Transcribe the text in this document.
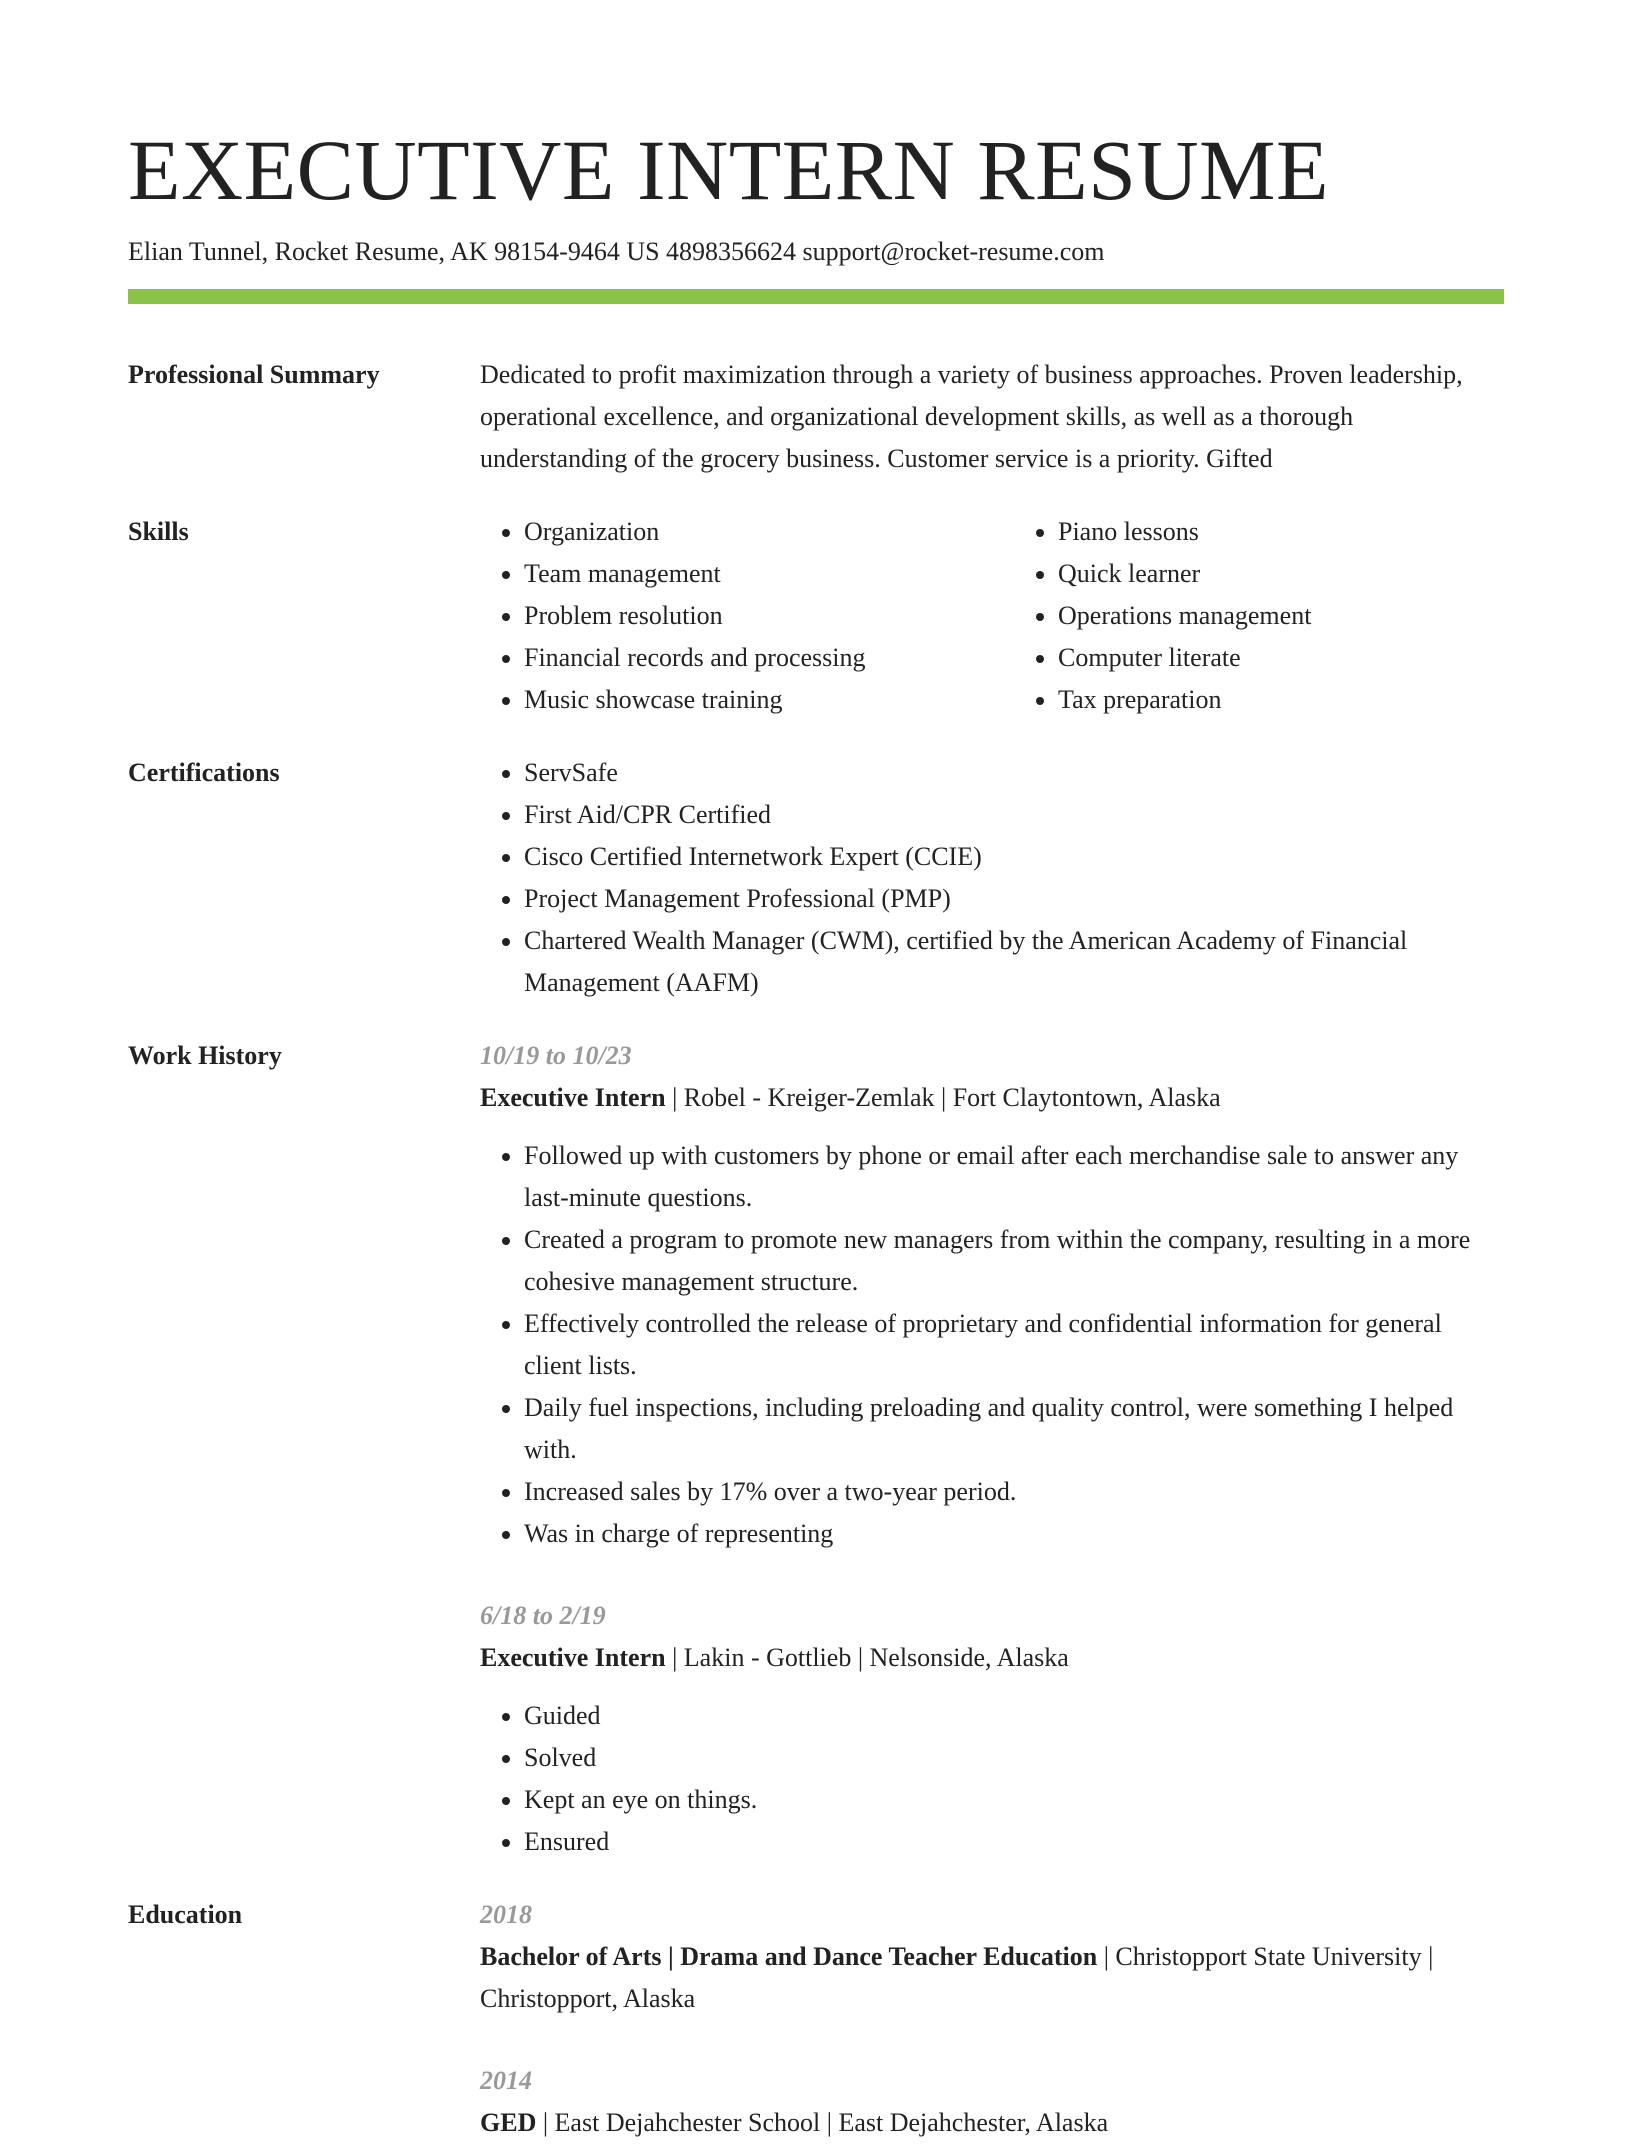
EXECUTIVE INTERN RESUME
Elian Tunnel, Rocket Resume, AK 98154-9464 US 4898356624 support@rocket-resume.com
Professional Summary	Dedicated to profit maximization through a variety of business approaches. Proven leadership, operational excellence, and organizational development skills, as well as a thorough understanding of the grocery business. Customer service is a priority. Gifted

Skills	• Organization
• Team management
• Problem resolution
• Financial records and processing
• Music showcase training
• Piano lessons
• Quick learner
• Operations management
• Computer literate
• Tax preparation
Certifications	• ServSafe
• First Aid/CPR Certified
• Cisco Certified Internetwork Expert (CCIE)
• Project Management Professional (PMP)
• Chartered Wealth Manager (CWM), certified by the American Academy of Financial Management (AAFM)
Work History	10/19 to 10/23
Executive Intern | Robel - Kreiger-Zemlak | Fort Claytontown, Alaska
• Followed up with customers by phone or email after each merchandise sale to answer any last-minute questions.
• Created a program to promote new managers from within the company, resulting in a more cohesive management structure.
• Effectively controlled the release of proprietary and confidential information for general client lists.
• Daily fuel inspections, including preloading and quality control, were something I helped with.
• Increased sales by 17% over a two-year period.
• Was in charge of representing
6/18 to 2/19
Executive Intern | Lakin - Gottlieb | Nelsonside, Alaska
• Guided
• Solved
• Kept an eye on things.
• Ensured
Education	2018
Bachelor of Arts | Drama and Dance Teacher Education | Christopport State University | Christopport, Alaska
2014
GED | East Dejahchester School | East Dejahchester, Alaska
